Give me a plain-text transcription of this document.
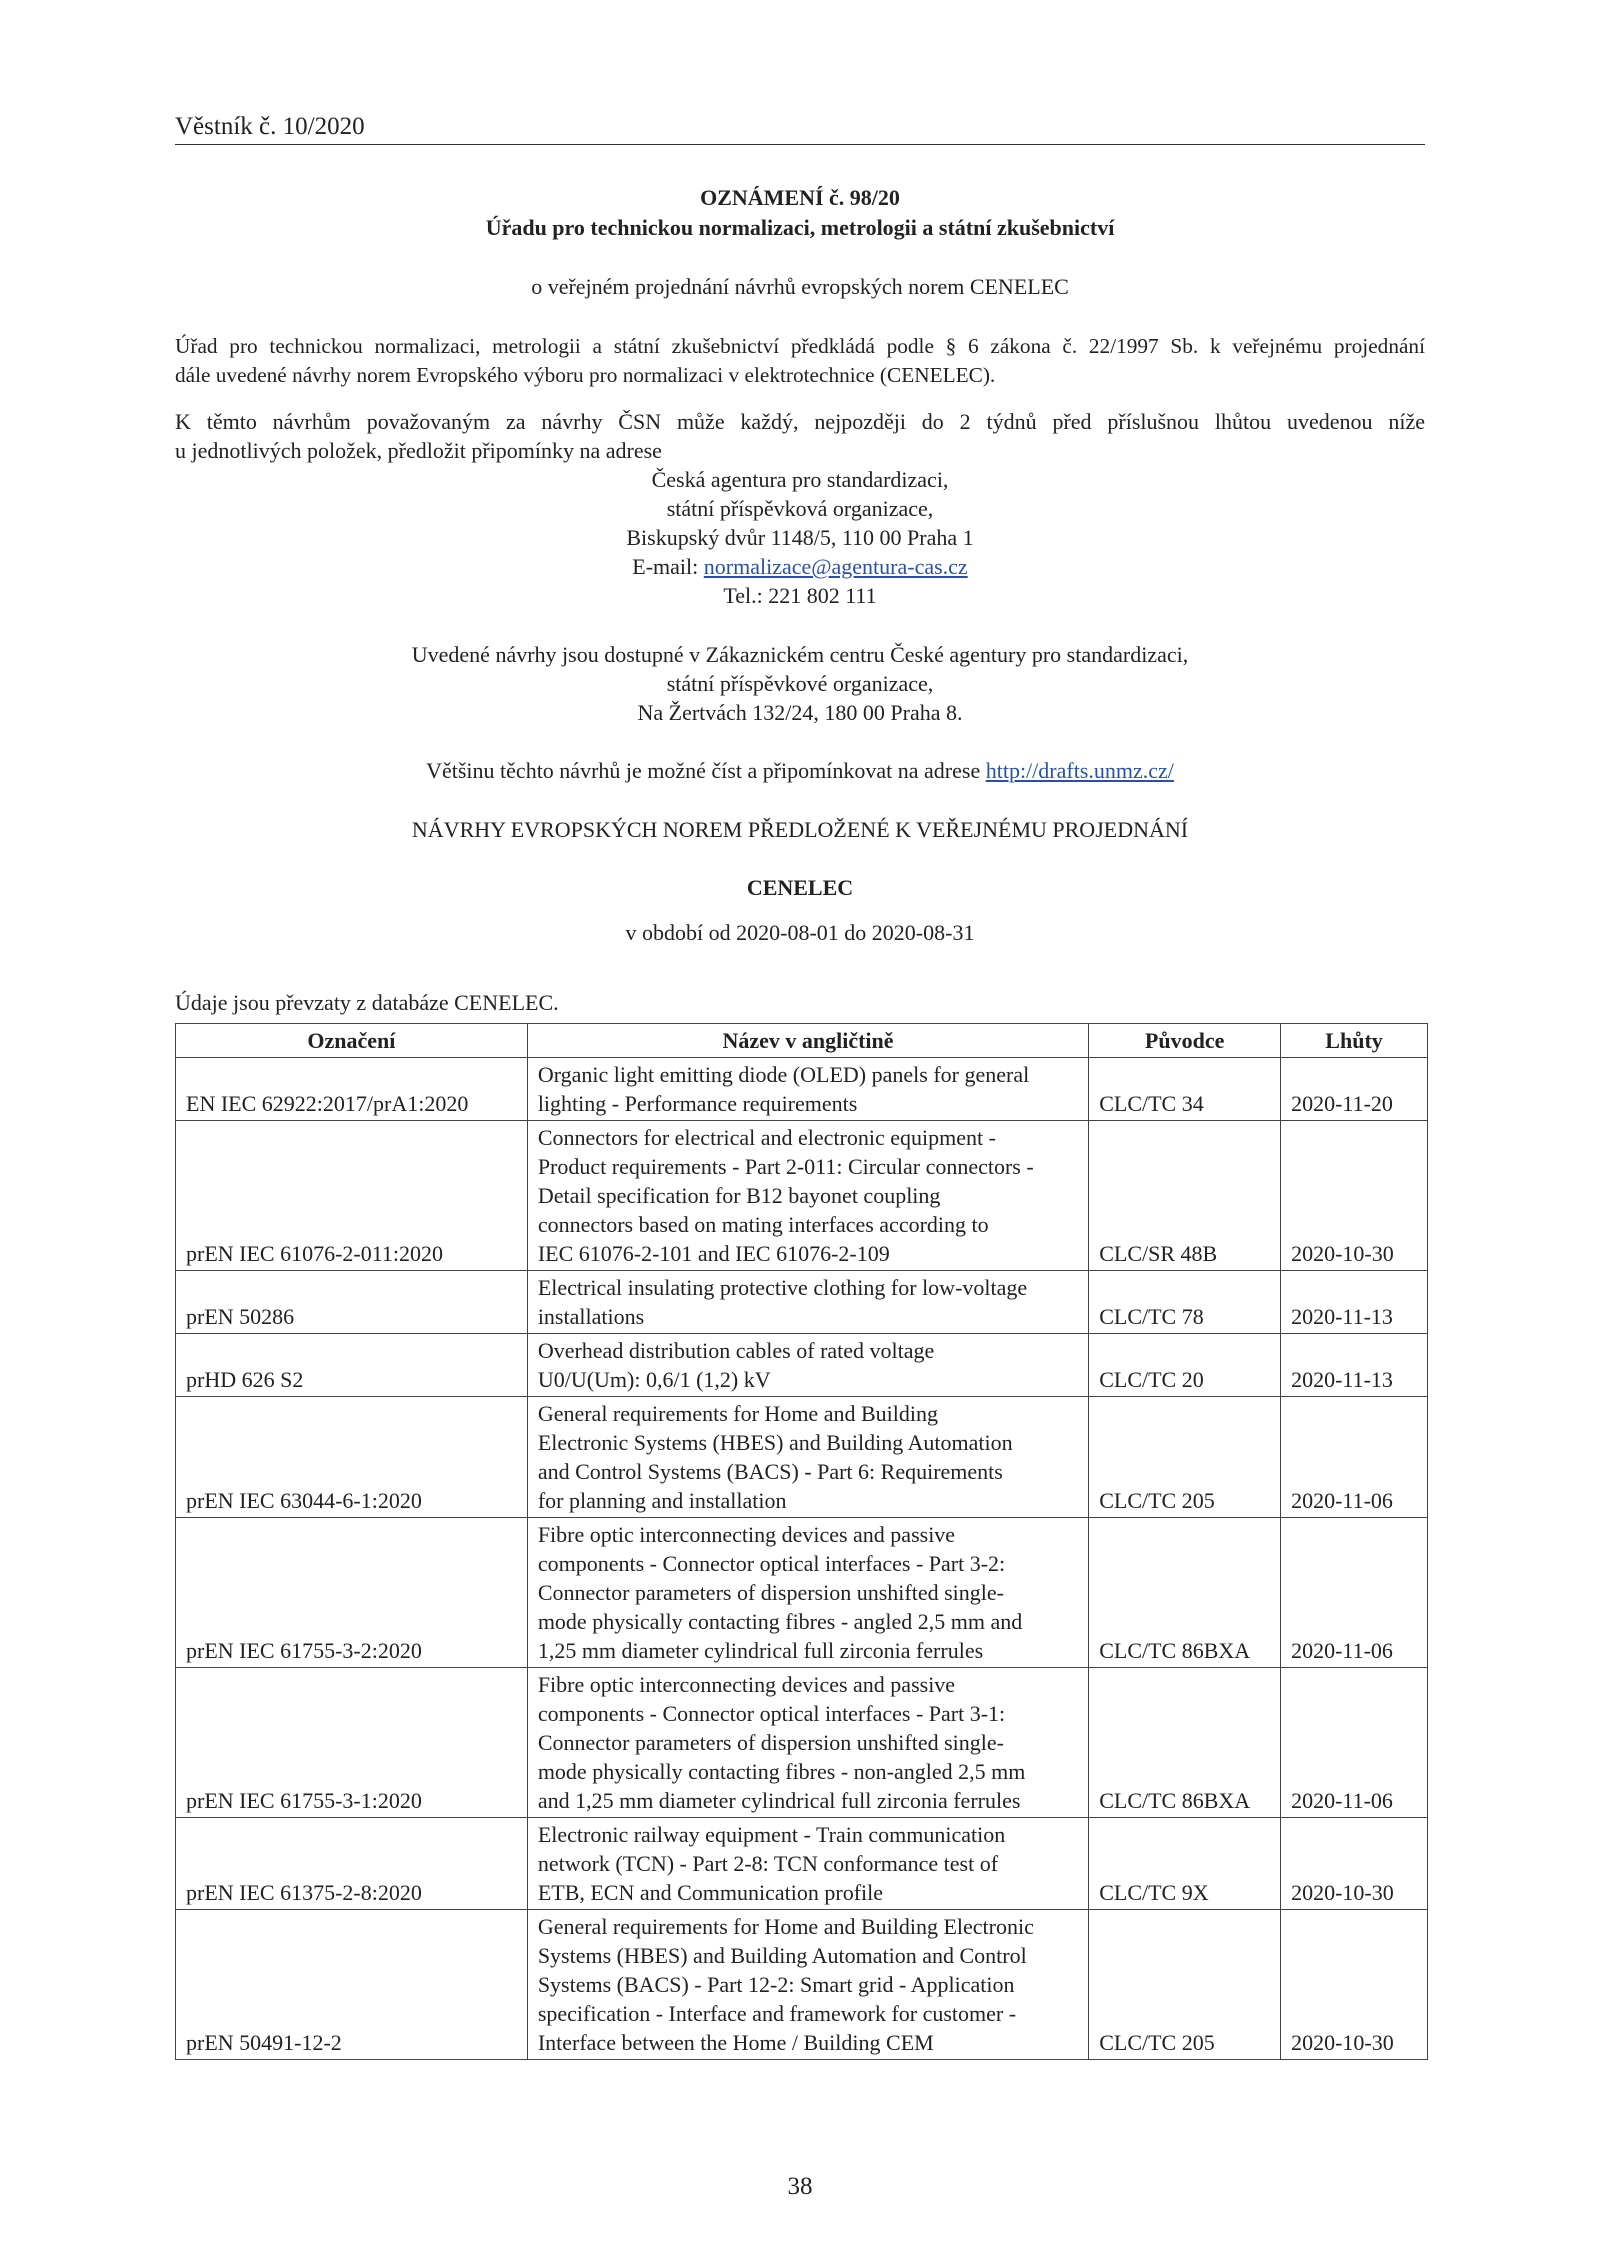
Věstník č. 10/2020
OZNÁMENÍ č. 98/20
Úřadu pro technickou normalizaci, metrologii a státní zkušebnictví
o veřejném projednání návrhů evropských norem CENELEC
Úřad pro technickou normalizaci, metrologii a státní zkušebnictví předkládá podle § 6 zákona č. 22/1997 Sb. k veřejnému projednání
dále uvedené návrhy norem Evropského výboru pro normalizaci v elektrotechnice (CENELEC).
K těmto návrhům považovaným za návrhy ČSN může každý, nejpozději do 2 týdnů před příslušnou lhůtou uvedenou níže
u jednotlivých položek, předložit připomínky na adrese
Česká agentura pro standardizaci,
státní příspěvková organizace,
Biskupský dvůr 1148/5, 110 00 Praha 1
E-mail: normalizace@agentura-cas.cz
Tel.: 221 802 111
Uvedené návrhy jsou dostupné v Zákaznickém centru České agentury pro standardizaci,
státní příspěvkové organizace,
Na Žertvách 132/24, 180 00 Praha 8.
Většinu těchto návrhů je možné číst a připomínkovat na adrese http://drafts.unmz.cz/
NÁVRHY EVROPSKÝCH NOREM PŘEDLOŽENÉ K VEŘEJNÉMU PROJEDNÁNÍ
CENELEC
v období od 2020-08-01 do 2020-08-31
Údaje jsou převzaty z databáze CENELEC.
Označení	Název v angličtině	Původce	Lhůty
EN IEC 62922:2017/prA1:2020	Organic light emitting diode (OLED) panels for general
lighting - Performance requirements	CLC/TC 34	2020-11-20
prEN IEC 61076-2-011:2020	Connectors for electrical and electronic equipment -
Product requirements - Part 2-011: Circular connectors -
Detail specification for B12 bayonet coupling
connectors based on mating interfaces according to
IEC 61076-2-101 and IEC 61076-2-109	CLC/SR 48B	2020-10-30
prEN 50286	Electrical insulating protective clothing for low-voltage
installations	CLC/TC 78	2020-11-13
prHD 626 S2	Overhead distribution cables of rated voltage
U0/U(Um): 0,6/1 (1,2) kV	CLC/TC 20	2020-11-13
prEN IEC 63044-6-1:2020	General requirements for Home and Building
Electronic Systems (HBES) and Building Automation
and Control Systems (BACS) - Part 6: Requirements
for planning and installation	CLC/TC 205	2020-11-06
prEN IEC 61755-3-2:2020	Fibre optic interconnecting devices and passive
components - Connector optical interfaces - Part 3-2:
Connector parameters of dispersion unshifted single-
mode physically contacting fibres - angled 2,5 mm and
1,25 mm diameter cylindrical full zirconia ferrules	CLC/TC 86BXA	2020-11-06
prEN IEC 61755-3-1:2020	Fibre optic interconnecting devices and passive
components - Connector optical interfaces - Part 3-1:
Connector parameters of dispersion unshifted single-
mode physically contacting fibres - non-angled 2,5 mm
and 1,25 mm diameter cylindrical full zirconia ferrules	CLC/TC 86BXA	2020-11-06
prEN IEC 61375-2-8:2020	Electronic railway equipment - Train communication
network (TCN) - Part 2-8: TCN conformance test of
ETB, ECN and Communication profile	CLC/TC 9X	2020-10-30
prEN 50491-12-2	General requirements for Home and Building Electronic
Systems (HBES) and Building Automation and Control
Systems (BACS) - Part 12-2: Smart grid - Application
specification - Interface and framework for customer -
Interface between the Home / Building CEM	CLC/TC 205	2020-10-30
38
